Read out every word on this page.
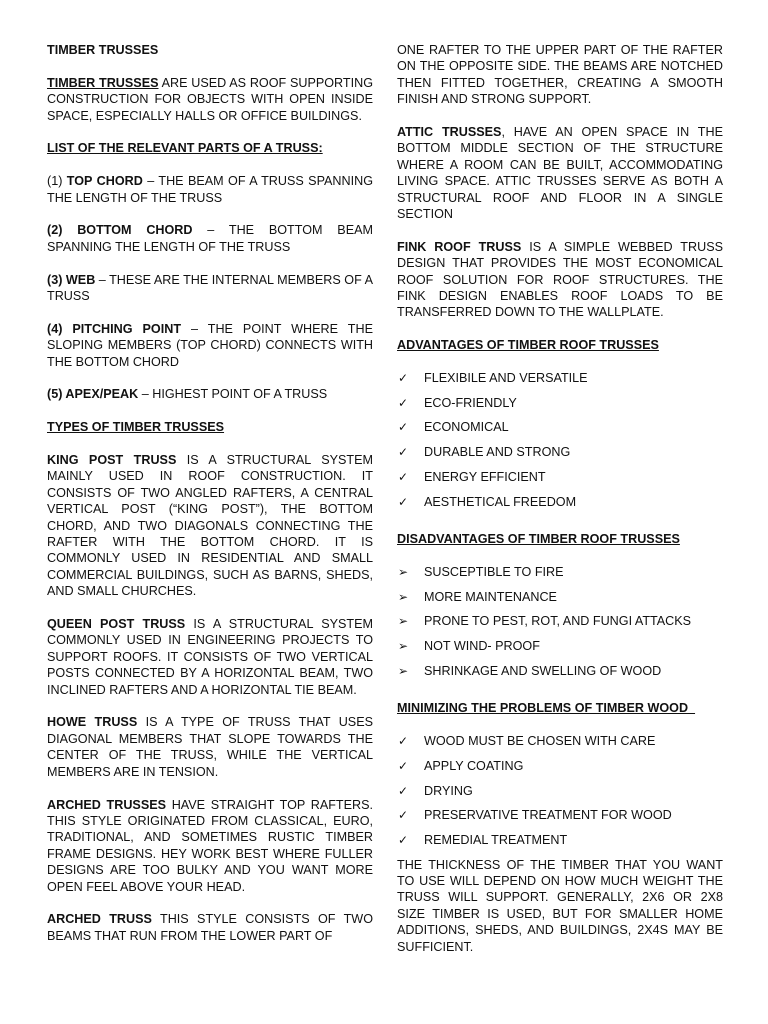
TIMBER TRUSSES

TIMBER TRUSSES ARE USED AS ROOF SUPPORTING CONSTRUCTION FOR OBJECTS WITH OPEN INSIDE SPACE, ESPECIALLY HALLS OR OFFICE BUILDINGS.

LIST OF THE RELEVANT PARTS OF A TRUSS:

(1) TOP CHORD – THE BEAM OF A TRUSS SPANNING THE LENGTH OF THE TRUSS

(2) BOTTOM CHORD – THE BOTTOM BEAM SPANNING THE LENGTH OF THE TRUSS

(3) WEB – THESE ARE THE INTERNAL MEMBERS OF A TRUSS

(4) PITCHING POINT – THE POINT WHERE THE SLOPING MEMBERS (TOP CHORD) CONNECTS WITH THE BOTTOM CHORD

(5) APEX/PEAK – HIGHEST POINT OF A TRUSS

TYPES OF TIMBER TRUSSES

KING POST TRUSS IS A STRUCTURAL SYSTEM MAINLY USED IN ROOF CONSTRUCTION. IT CONSISTS OF TWO ANGLED RAFTERS, A CENTRAL VERTICAL POST (“KING POST”), THE BOTTOM CHORD, AND TWO DIAGONALS CONNECTING THE RAFTER WITH THE BOTTOM CHORD. IT IS COMMONLY USED IN RESIDENTIAL AND SMALL COMMERCIAL BUILDINGS, SUCH AS BARNS, SHEDS, AND SMALL CHURCHES.

QUEEN POST TRUSS IS A STRUCTURAL SYSTEM COMMONLY USED IN ENGINEERING PROJECTS TO SUPPORT ROOFS. IT CONSISTS OF TWO VERTICAL POSTS CONNECTED BY A HORIZONTAL BEAM, TWO INCLINED RAFTERS AND A HORIZONTAL TIE BEAM.

HOWE TRUSS IS A TYPE OF TRUSS THAT USES DIAGONAL MEMBERS THAT SLOPE TOWARDS THE CENTER OF THE TRUSS, WHILE THE VERTICAL MEMBERS ARE IN TENSION.

ARCHED TRUSSES HAVE STRAIGHT TOP RAFTERS. THIS STYLE ORIGINATED FROM CLASSICAL, EURO, TRADITIONAL, AND SOMETIMES RUSTIC TIMBER FRAME DESIGNS. HEY WORK BEST WHERE FULLER DESIGNS ARE TOO BULKY AND YOU WANT MORE OPEN FEEL ABOVE YOUR HEAD.

ARCHED TRUSS THIS STYLE CONSISTS OF TWO BEAMS THAT RUN FROM THE LOWER PART OF

ONE RAFTER TO THE UPPER PART OF THE RAFTER ON THE OPPOSITE SIDE. THE BEAMS ARE NOTCHED THEN FITTED TOGETHER, CREATING A SMOOTH FINISH AND STRONG SUPPORT.

ATTIC TRUSSES, HAVE AN OPEN SPACE IN THE BOTTOM MIDDLE SECTION OF THE STRUCTURE WHERE A ROOM CAN BE BUILT, ACCOMMODATING LIVING SPACE. ATTIC TRUSSES SERVE AS BOTH A STRUCTURAL ROOF AND FLOOR IN A SINGLE SECTION

FINK ROOF TRUSS IS A SIMPLE WEBBED TRUSS DESIGN THAT PROVIDES THE MOST ECONOMICAL ROOF SOLUTION FOR ROOF STRUCTURES. THE FINK DESIGN ENABLES ROOF LOADS TO BE TRANSFERRED DOWN TO THE WALLPLATE.

ADVANTAGES OF TIMBER ROOF TRUSSES
✓ FLEXIBILE AND VERSATILE
✓ ECO-FRIENDLY
✓ ECONOMICAL
✓ DURABLE AND STRONG
✓ ENERGY EFFICIENT
✓ AESTHETICAL FREEDOM
DISADVANTAGES OF TIMBER ROOF TRUSSES
➢ SUSCEPTIBLE TO FIRE
➢ MORE MAINTENANCE
➢ PRONE TO PEST, ROT, AND FUNGI ATTACKS
➢ NOT WIND- PROOF
➢ SHRINKAGE AND SWELLING OF WOOD
MINIMIZING THE PROBLEMS OF TIMBER WOOD
✓ WOOD MUST BE CHOSEN WITH CARE
✓ APPLY COATING
✓ DRYING
✓ PRESERVATIVE TREATMENT FOR WOOD
✓ REMEDIAL TREATMENT

THE THICKNESS OF THE TIMBER THAT YOU WANT TO USE WILL DEPEND ON HOW MUCH WEIGHT THE TRUSS WILL SUPPORT. GENERALLY, 2X6 OR 2X8 SIZE TIMBER IS USED, BUT FOR SMALLER HOME ADDITIONS, SHEDS, AND BUILDINGS, 2X4S MAY BE SUFFICIENT.
